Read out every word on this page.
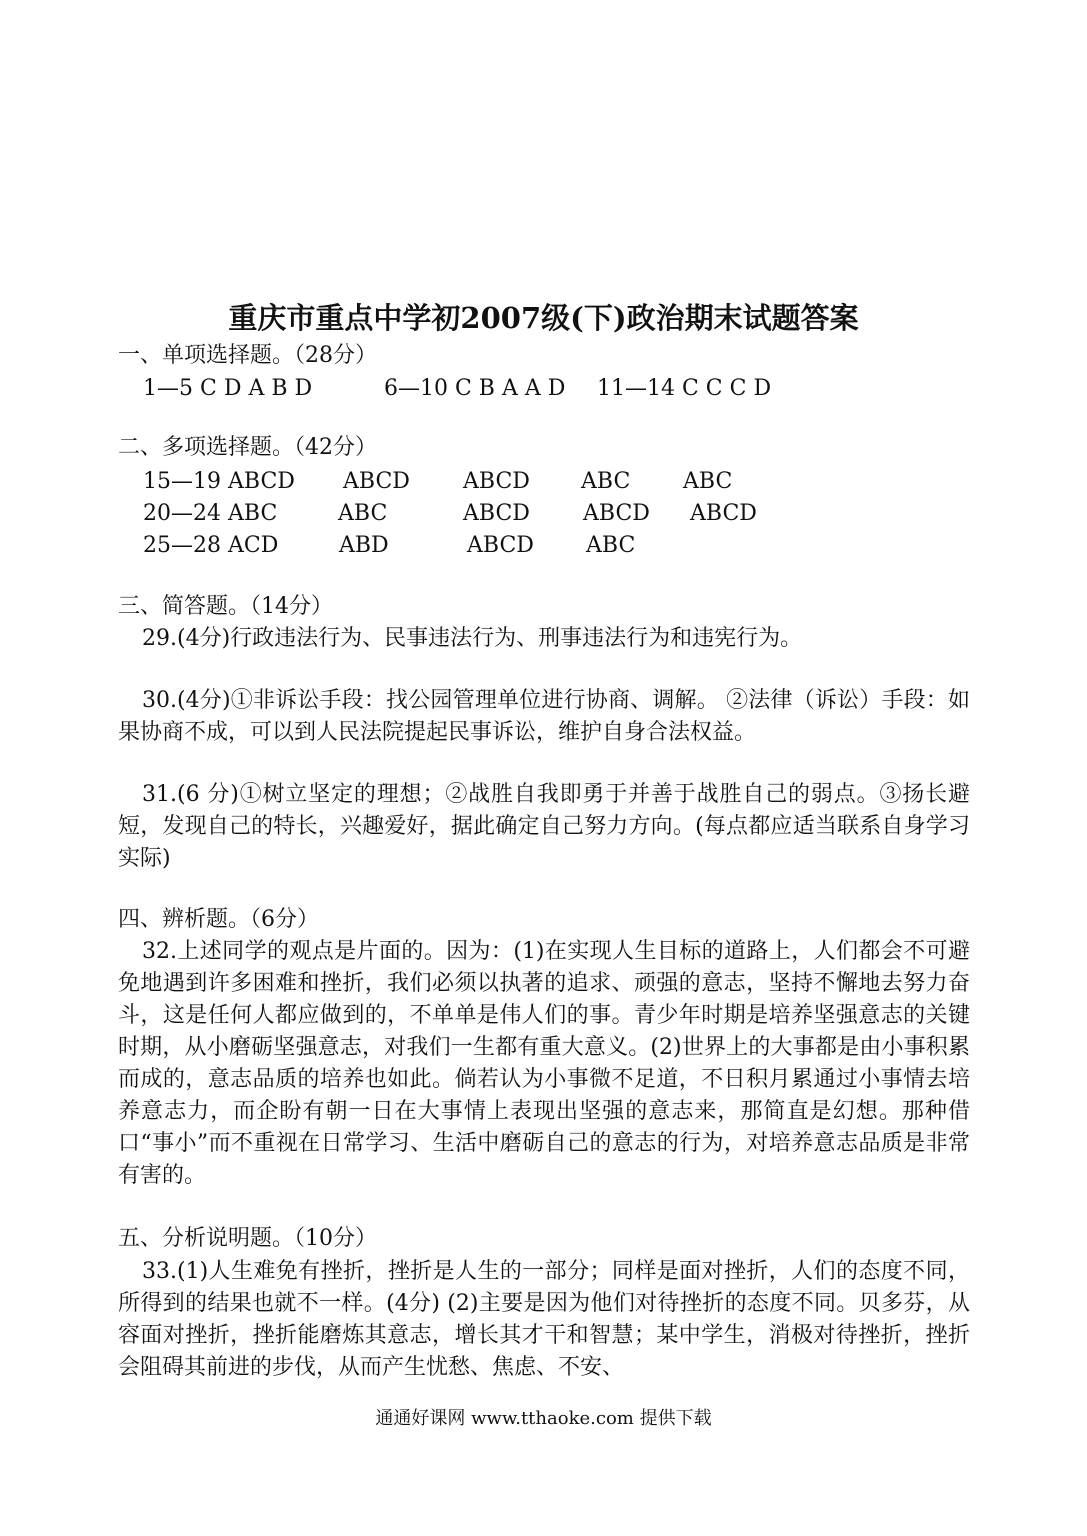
重庆市重点中学初2007级(下)政治期末试题答案
一、单项选择题。（28分）
1—5 C D A B D	6—10 C B A A D 11—14 C C C D
二、多项选择题。（42分）
15—19 ABCD ABCD ABCD ABC ABC
20—24 ABC	ABC	ABCD ABCD ABCD
25—28 ACD	ABD	ABCD ABC
三、简答题。（14分）

29.(4分)行政违法行为、民事违法行为、刑事违法行为和违宪行为。

30.(4分)①非诉讼手段：找公园管理单位进行协商、调解。 ②法律（诉讼）手段：如果协商不成，可以到人民法院提起民事诉讼，维护自身合法权益。

31.(6 分)①树立坚定的理想；②战胜自我即勇于并善于战胜自己的弱点。③扬长避短，发现自己的特长，兴趣爱好，据此确定自己努力方向。(每点都应适当联系自身学习实际)

四、辨析题。（6分）

32.上述同学的观点是片面的。因为：(1)在实现人生目标的道路上，人们都会不可避免地遇到许多困难和挫折，我们必须以执著的追求、顽强的意志，坚持不懈地去努力奋斗，这是任何人都应做到的，不单单是伟人们的事。青少年时期是培养坚强意志的关键时期，从小磨砺坚强意志，对我们一生都有重大意义。(2)世界上的大事都是由小事积累而成的，意志品质的培养也如此。倘若认为小事微不足道，不日积月累通过小事情去培养意志力，而企盼有朝一日在大事情上表现出坚强的意志来，那简直是幻想。那种借口“事小”而不重视在日常学习、生活中磨砺自己的意志的行为，对培养意志品质是非常有害的。

五、分析说明题。（10分）

33.(1)人生难免有挫折，挫折是人生的一部分；同样是面对挫折，人们的态度不同，所得到的结果也就不一样。(4分) (2)主要是因为他们对待挫折的态度不同。贝多芬，从容面对挫折，挫折能磨炼其意志，增长其才干和智慧；某中学生，消极对待挫折，挫折会阻碍其前进的步伐，从而产生忧愁、焦虑、不安、

通通好课网 www.tthaoke.com 提供下载
